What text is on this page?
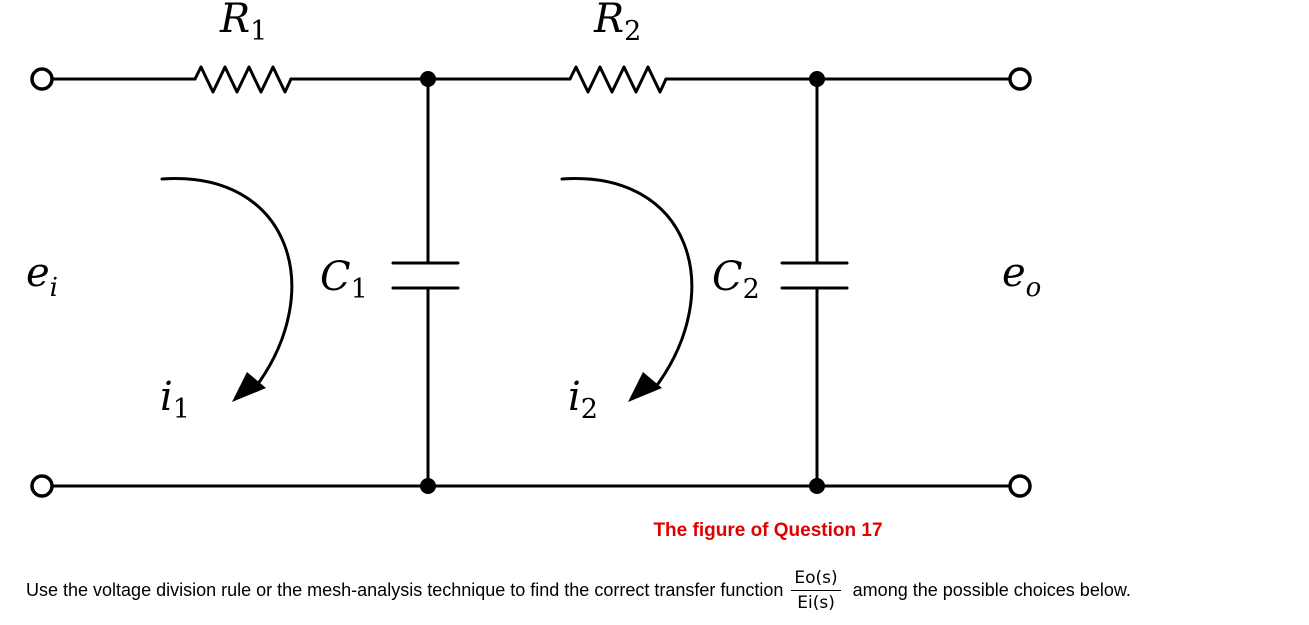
$R_1$	$R_2$
$C_1$	$C_2$
$e_i$	$e_o$
$i_1$	$i_2$
The figure of Question 17
Use the voltage division rule or the mesh-analysis technique to find the correct transfer function $\frac{Eo(s)}{Ei(s)}$ among the possible choices below.
